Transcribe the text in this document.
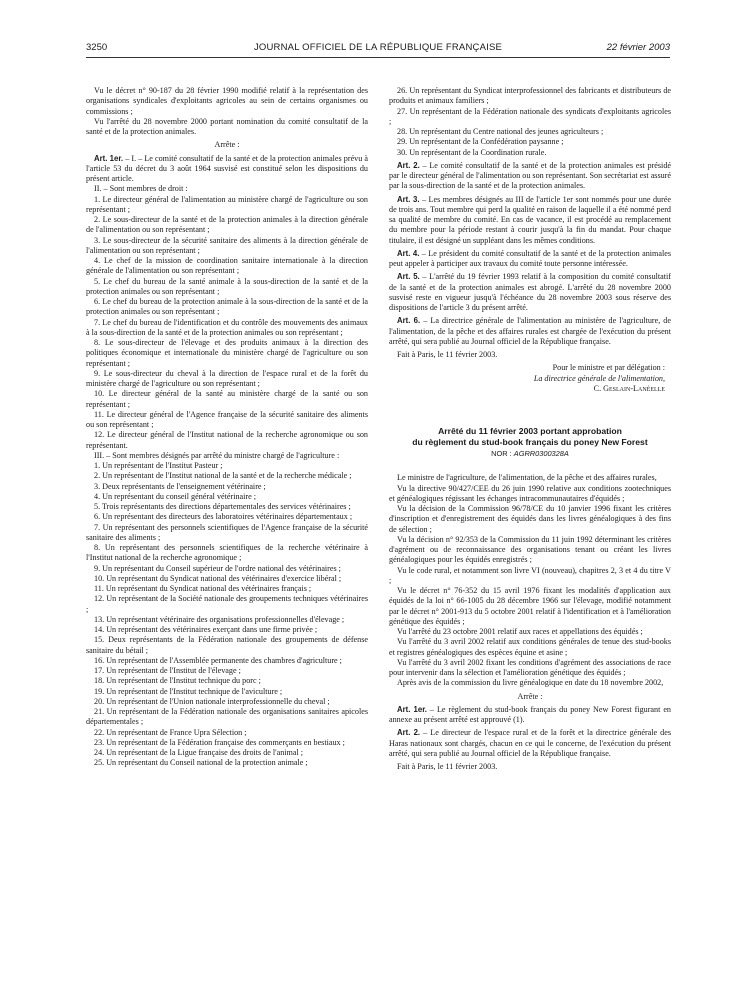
3250	JOURNAL OFFICIEL DE LA RÉPUBLIQUE FRANÇAISE	22 février 2003

Vu le décret n° 90-187 du 28 février 1990 modifié relatif à la représentation des organisations syndicales d'exploitants agricoles au sein de certains organismes ou commissions ;

Vu l'arrêté du 28 novembre 2000 portant nomination du comité consultatif de la santé et de la protection animales.

Arrête :

Art. 1er. – I. – Le comité consultatif de la santé et de la protection animales prévu à l'article 53 du décret du 3 août 1964 susvisé est constitué selon les dispositions du présent article.

II. – Sont membres de droit :

1. Le directeur général de l'alimentation au ministère chargé de l'agriculture ou son représentant ;

2. Le sous-directeur de la santé et de la protection animales à la direction générale de l'alimentation ou son représentant ;

3. Le sous-directeur de la sécurité sanitaire des aliments à la direction générale de l'alimentation ou son représentant ;

4. Le chef de la mission de coordination sanitaire internationale à la direction générale de l'alimentation ou son représentant ;

5. Le chef du bureau de la santé animale à la sous-direction de la santé et de la protection animales ou son représentant ;

6. Le chef du bureau de la protection animale à la sous-direction de la santé et de la protection animales ou son représentant ;

7. Le chef du bureau de l'identification et du contrôle des mouvements des animaux à la sous-direction de la santé et de la protection animales ou son représentant ;

8. Le sous-directeur de l'élevage et des produits animaux à la direction des politiques économique et internationale du ministère chargé de l'agriculture ou son représentant ;

9. Le sous-directeur du cheval à la direction de l'espace rural et de la forêt du ministère chargé de l'agriculture ou son représentant ;

10. Le directeur général de la santé au ministère chargé de la santé ou son représentant ;

11. Le directeur général de l'Agence française de la sécurité sanitaire des aliments ou son représentant ;

12. Le directeur général de l'Institut national de la recherche agronomique ou son représentant.

III. – Sont membres désignés par arrêté du ministre chargé de l'agriculture :

1. Un représentant de l'Institut Pasteur ;

2. Un représentant de l'Institut national de la santé et de la recherche médicale ;

3. Deux représentants de l'enseignement vétérinaire ;

4. Un représentant du conseil général vétérinaire ;

5. Trois représentants des directions départementales des services vétérinaires ;

6. Un représentant des directeurs des laboratoires vétérinaires départementaux ;

7. Un représentant des personnels scientifiques de l'Agence française de la sécurité sanitaire des aliments ;

8. Un représentant des personnels scientifiques de la recherche vétérinaire à l'Institut national de la recherche agronomique ;

9. Un représentant du Conseil supérieur de l'ordre national des vétérinaires ;

10. Un représentant du Syndicat national des vétérinaires d'exercice libéral ;

11. Un représentant du Syndicat national des vétérinaires français ;

12. Un représentant de la Société nationale des groupements techniques vétérinaires ;

13. Un représentant vétérinaire des organisations professionnelles d'élevage ;

14. Un représentant des vétérinaires exerçant dans une firme privée ;

15. Deux représentants de la Fédération nationale des groupements de défense sanitaire du bétail ;

16. Un représentant de l'Assemblée permanente des chambres d'agriculture ;

17. Un représentant de l'Institut de l'élevage ;

18. Un représentant de l'Institut technique du porc ;

19. Un représentant de l'Institut technique de l'aviculture ;

20. Un représentant de l'Union nationale interprofessionnelle du cheval ;

21. Un représentant de la Fédération nationale des organisations sanitaires apicoles départementales ;

22. Un représentant de France Upra Sélection ;

23. Un représentant de la Fédération française des commerçants en bestiaux ;

24. Un représentant de la Ligue française des droits de l'animal ;

25. Un représentant du Conseil national de la protection animale ;

26. Un représentant du Syndicat interprofessionnel des fabricants et distributeurs de produits et animaux familiers ;

27. Un représentant de la Fédération nationale des syndicats d'exploitants agricoles ;

28. Un représentant du Centre national des jeunes agriculteurs ;

29. Un représentant de la Confédération paysanne ;

30. Un représentant de la Coordination rurale.

Art. 2. – Le comité consultatif de la santé et de la protection animales est présidé par le directeur général de l'alimentation ou son représentant. Son secrétariat est assuré par la sous-direction de la santé et de la protection animales.

Art. 3. – Les membres désignés au III de l'article 1er sont nommés pour une durée de trois ans. Tout membre qui perd la qualité en raison de laquelle il a été nommé perd sa qualité de membre du comité. En cas de vacance, il est procédé au remplacement du membre pour la période restant à courir jusqu'à la fin du mandat. Pour chaque titulaire, il est désigné un suppléant dans les mêmes conditions.

Art. 4. – Le président du comité consultatif de la santé et de la protection animales peut appeler à participer aux travaux du comité toute personne intéressée.

Art. 5. – L'arrêté du 19 février 1993 relatif à la composition du comité consultatif de la santé et de la protection animales est abrogé. L'arrêté du 28 novembre 2000 susvisé reste en vigueur jusqu'à l'échéance du 28 novembre 2003 sous réserve des dispositions de l'article 3 du présent arrêté.

Art. 6. – La directrice générale de l'alimentation au ministère de l'agriculture, de l'alimentation, de la pêche et des affaires rurales est chargée de l'exécution du présent arrêté, qui sera publié au Journal officiel de la République française.

Fait à Paris, le 11 février 2003.

Pour le ministre et par délégation :

La directrice générale de l'alimentation,

C. Geslain-Lanéelle

Arrêté du 11 février 2003 portant approbation
du règlement du stud-book français du poney New Forest
NOR : AGRR0300328A

Le ministre de l'agriculture, de l'alimentation, de la pêche et des affaires rurales,

Vu la directive 90/427/CEE du 26 juin 1990 relative aux conditions zootechniques et généalogiques régissant les échanges intracommunautaires d'équidés ;

Vu la décision de la Commission 96/78/CE du 10 janvier 1996 fixant les critères d'inscription et d'enregistrement des équidés dans les livres généalogiques à des fins de sélection ;

Vu la décision n° 92/353 de la Commission du 11 juin 1992 déterminant les critères d'agrément ou de reconnaissance des organisations tenant ou créant les livres généalogiques pour les équidés enregistrés ;

Vu le code rural, et notamment son livre VI (nouveau), chapitres 2, 3 et 4 du titre V ;

Vu le décret n° 76-352 du 15 avril 1976 fixant les modalités d'application aux équidés de la loi n° 66-1005 du 28 décembre 1966 sur l'élevage, modifié notamment par le décret n° 2001-913 du 5 octobre 2001 relatif à l'identification et à l'amélioration génétique des équidés ;

Vu l'arrêté du 23 octobre 2001 relatif aux races et appellations des équidés ;

Vu l'arrêté du 3 avril 2002 relatif aux conditions générales de tenue des stud-books et registres généalogiques des espèces équine et asine ;

Vu l'arrêté du 3 avril 2002 fixant les conditions d'agrément des associations de race pour intervenir dans la sélection et l'amélioration génétique des équidés ;

Après avis de la commission du livre généalogique en date du 18 novembre 2002,

Arrête :

Art. 1er. – Le règlement du stud-book français du poney New Forest figurant en annexe au présent arrêté est approuvé (1).

Art. 2. – Le directeur de l'espace rural et de la forêt et la directrice générale des Haras nationaux sont chargés, chacun en ce qui le concerne, de l'exécution du présent arrêté, qui sera publié au Journal officiel de la République française.

Fait à Paris, le 11 février 2003.
